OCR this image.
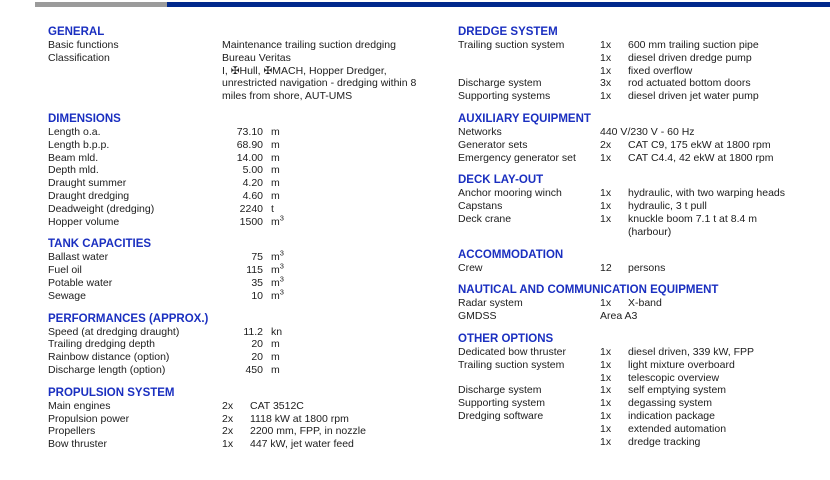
GENERAL
Basic functions	Maintenance trailing suction dredging
Classification	Bureau Veritas
I, ✠Hull, ✠MACH, Hopper Dredger,
unrestricted navigation - dredging within 8
miles from shore, AUT-UMS
DIMENSIONS
Length o.a.	73.10 m
Length b.p.p.	68.90 m
Beam mld.	14.00 m
Depth mld.	5.00 m
Draught summer	4.20 m
Draught dredging	4.60 m
Deadweight (dredging)	2240 t
Hopper volume	1500 $m^3$
TANK CAPACITIES
Ballast water	75 $m^3$
Fuel oil	115 $m^3$
Potable water	35 $m^3$
Sewage	10 $m^3$
PERFORMANCES (APPROX.)
Speed (at dredging draught)	11.2 kn
Trailing dredging depth	20 m
Rainbow distance (option)	20 m
Discharge length (option)	450 m
PROPULSION SYSTEM
Main engines	2x	CAT 3512C
Propulsion power	2x	1118 kW at 1800 rpm
Propellers	2x	2200 mm, FPP, in nozzle
Bow thruster	1x	447 kW, jet water feed
DREDGE SYSTEM
Trailing suction system	1x	600 mm trailing suction pipe
1x	diesel driven dredge pump
1x	fixed overflow
Discharge system	3x	rod actuated bottom doors
Supporting systems	1x	diesel driven jet water pump
AUXILIARY EQUIPMENT
Networks	440 V/230 V - 60 Hz
Generator sets	2x	CAT C9, 175 ekW at 1800 rpm
Emergency generator set	1x	CAT C4.4, 42 ekW at 1800 rpm
DECK LAY-OUT
Anchor mooring winch	1x	hydraulic, with two warping heads
Capstans	1x	hydraulic, 3 t pull
Deck crane	1x	knuckle boom 7.1 t at 8.4 m
(harbour)
ACCOMMODATION
Crew	12	persons
NAUTICAL AND COMMUNICATION EQUIPMENT
Radar system	1x	X-band
GMDSS	Area A3
OTHER OPTIONS
Dedicated bow thruster	1x	diesel driven, 339 kW, FPP
Trailing suction system	1x	light mixture overboard
1x	telescopic overview
Discharge system	1x	self emptying system
Supporting system	1x	degassing system
Dredging software	1x	indication package
1x	extended automation
1x	dredge tracking
